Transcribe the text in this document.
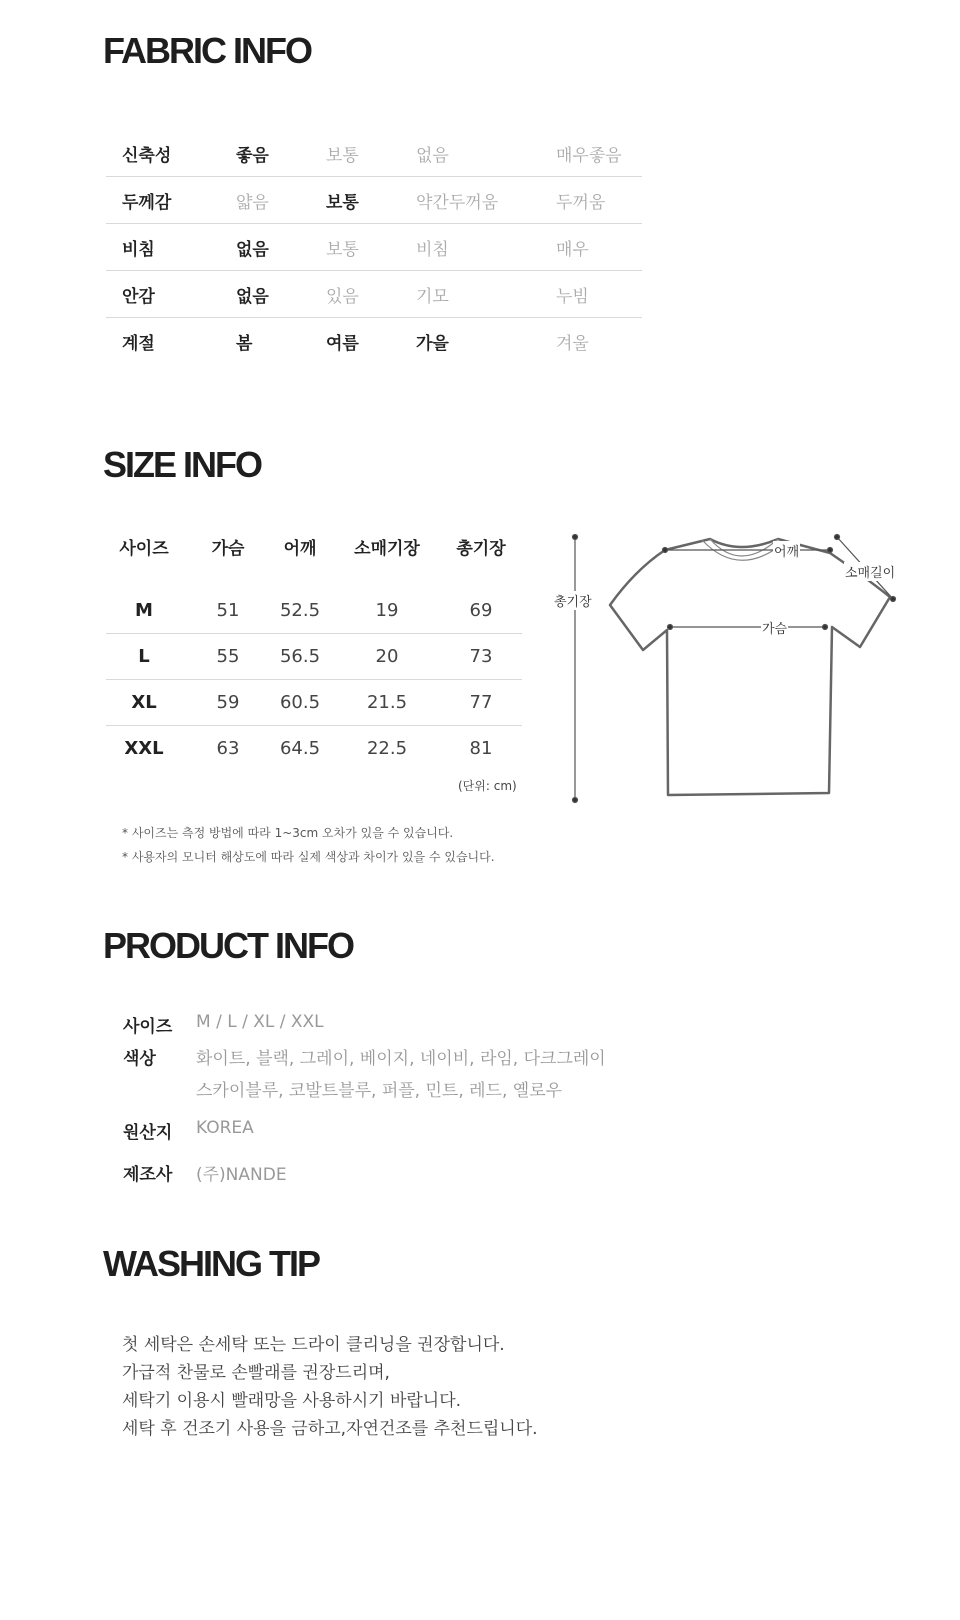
FABRIC INFO
신축성	좋음	보통	없음	매우좋음
두께감	얇음	보통	약간두꺼움	두꺼움
비침	없음	보통	비침	매우
안감	없음	있음	기모	누빔
계절	봄	여름	가을	겨울
SIZE INFO
사이즈	가슴	어깨	소매기장	총기장
M	51	52.5	19	69
L	55	56.5	20	73
XL	59	60.5	21.5	77
XXL	63	64.5	22.5	81
(단위: cm)
* 사이즈는 측정 방법에 따라 1~3cm 오차가 있을 수 있습니다.
* 사용자의 모니터 해상도에 따라 실제 색상과 차이가 있을 수 있습니다.
총기장
어깨
소매길이
가슴
PRODUCT INFO
사이즈 M / L / XL / XXL
색상 화이트, 블랙, 그레이, 베이지, 네이비, 라임, 다크그레이
스카이블루, 코발트블루, 퍼플, 민트, 레드, 옐로우
원산지 KOREA
제조사 (주)NANDE
WASHING TIP
첫 세탁은 손세탁 또는 드라이 클리닝을 권장합니다.
가급적 찬물로 손빨래를 권장드리며,
세탁기 이용시 빨래망을 사용하시기 바랍니다.
세탁 후 건조기 사용을 금하고,자연건조를 추천드립니다.
